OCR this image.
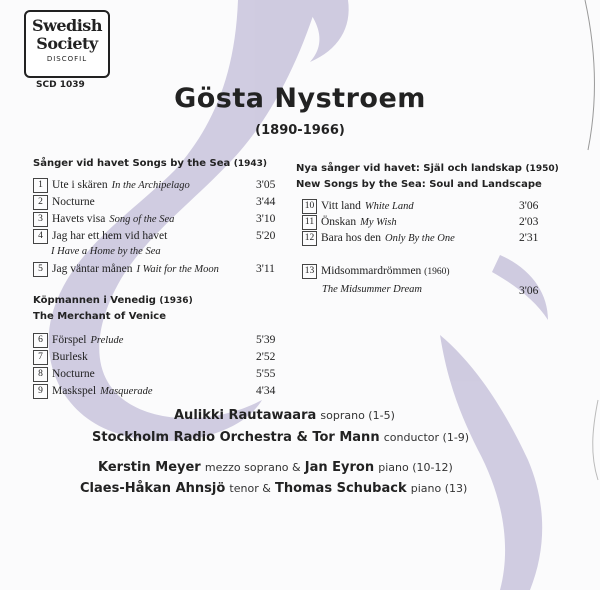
Swedish
Society
DISCOFIL
SCD 1039	Gösta Nystroem
(1890-1966)
Sånger vid havet Songs by the Sea (1943)
1 Ute i skären In the Archipelago	3'05
2 Nocturne	3'44
3 Havets visa Song of the Sea	3'10
4 Jag har ett hem vid havet	5'20
I Have a Home by the Sea
5 Jag väntar månen I Wait for the Moon	3'11
Köpmannen i Venedig (1936)
The Merchant of Venice
6 Förspel Prelude	5'39
7 Burlesk	2'52
8 Nocturne	5'55
9 Maskspel Masquerade	4'34
Nya sånger vid havet: Själ och landskap (1950)
New Songs by the Sea: Soul and Landscape
10 Vitt land White Land	3'06
11 Önskan My Wish	2'03
12 Bara hos den Only By the One	2'31
13 Midsommardrömmen (1960)
The Midsummer Dream	3'06
Aulikki Rautawaara soprano (1-5)
Stockholm Radio Orchestra & Tor Mann conductor (1-9)
Kerstin Meyer mezzo soprano & Jan Eyron piano (10-12)
Claes-Håkan Ahnsjö tenor & Thomas Schuback piano (13)
